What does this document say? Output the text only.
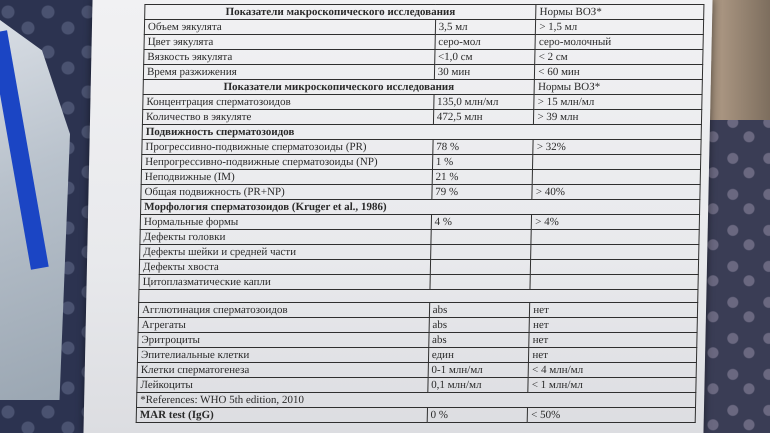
Показатели макроскопического исследования		Нормы ВОЗ*
Объем эякулята	3,5 мл	> 1,5 мл
Цвет эякулята	серо-мол	серо-молочный
Вязкость эякулята	<1,0 см	< 2 см
Время разжижения	30 мин	< 60 мин
Показатели микроскопического исследования		Нормы ВОЗ*
Концентрация сперматозоидов	135,0 млн/мл	> 15 млн/мл
Количество в эякуляте	472,5 млн	> 39 млн
Подвижность сперматозоидов		
Прогрессивно-подвижные сперматозоиды (PR)	78 %	> 32%
Непрогрессивно-подвижные сперматозоиды (NP)	1 %	
Неподвижные (IM)	21 %	
Общая подвижность (PR+NP)	79 %	> 40%
Морфология сперматозоидов (Kruger et al., 1986)		
Нормальные формы	4 %	> 4%
Дефекты головки		
Дефекты шейки и средней части		
Дефекты хвоста		
Цитоплазматические капли		

Агглютинация сперматозоидов	abs	нет
Агрегаты	abs	нет
Эритроциты	abs	нет
Эпителиальные клетки	един	нет
Клетки сперматогенеза	0-1 млн/мл	< 4 млн/мл
Лейкоциты	0,1 млн/мл	< 1 млн/мл
*References: WHO 5th edition, 2010		
MAR test (IgG)	0 %	< 50%
